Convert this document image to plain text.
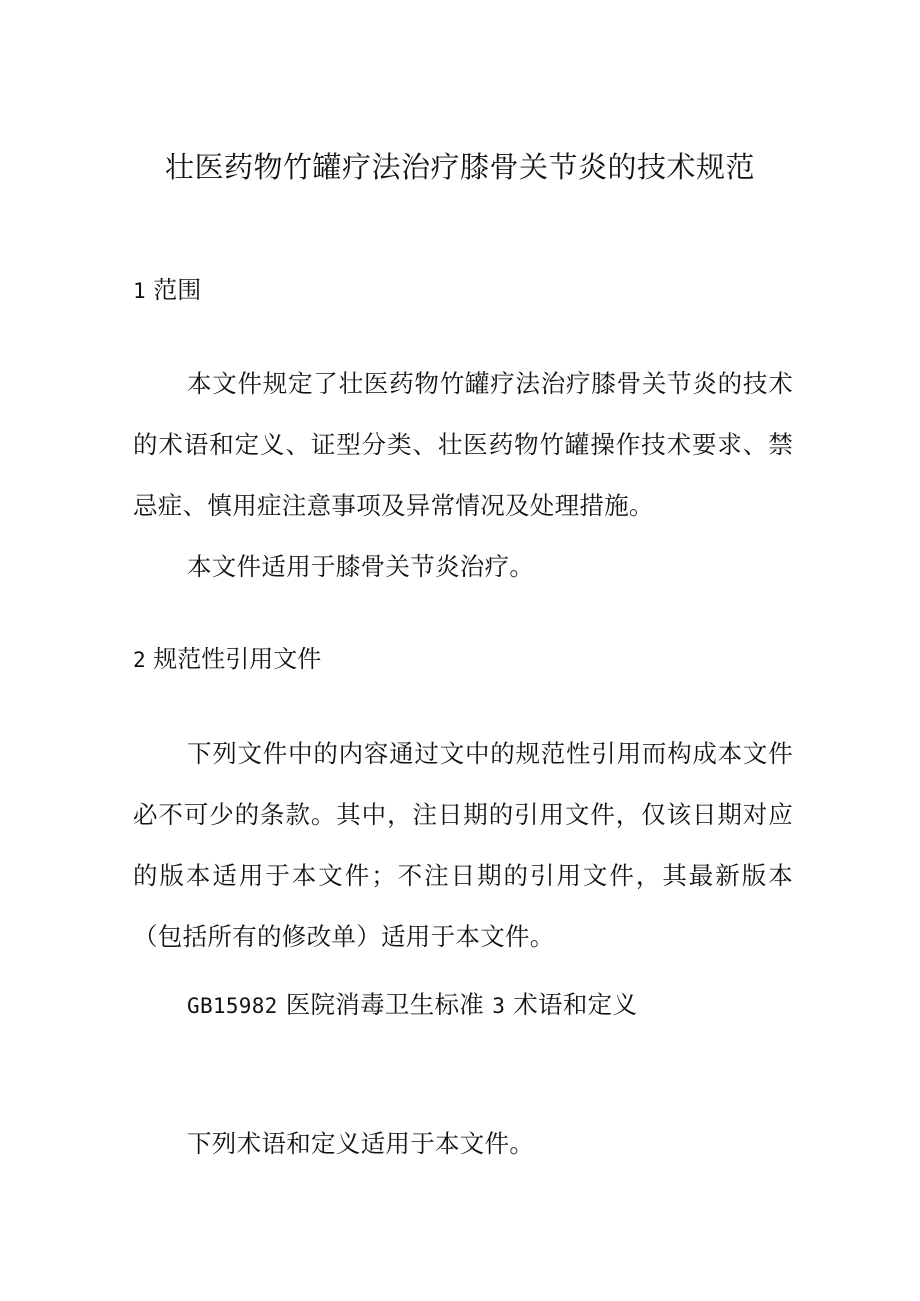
壮医药物竹罐疗法治疗膝骨关节炎的技术规范
1 范围
本文件规定了壮医药物竹罐疗法治疗膝骨关节炎的技术的术语和定义、证型分类、壮医药物竹罐操作技术要求、禁忌症、慎用症注意事项及异常情况及处理措施。
本文件适用于膝骨关节炎治疗。
2 规范性引用文件
下列文件中的内容通过文中的规范性引用而构成本文件必不可少的条款。其中，注日期的引用文件，仅该日期对应的版本适用于本文件；不注日期的引用文件，其最新版本（包括所有的修改单）适用于本文件。
GB15982 医院消毒卫生标准 3 术语和定义
下列术语和定义适用于本文件。
